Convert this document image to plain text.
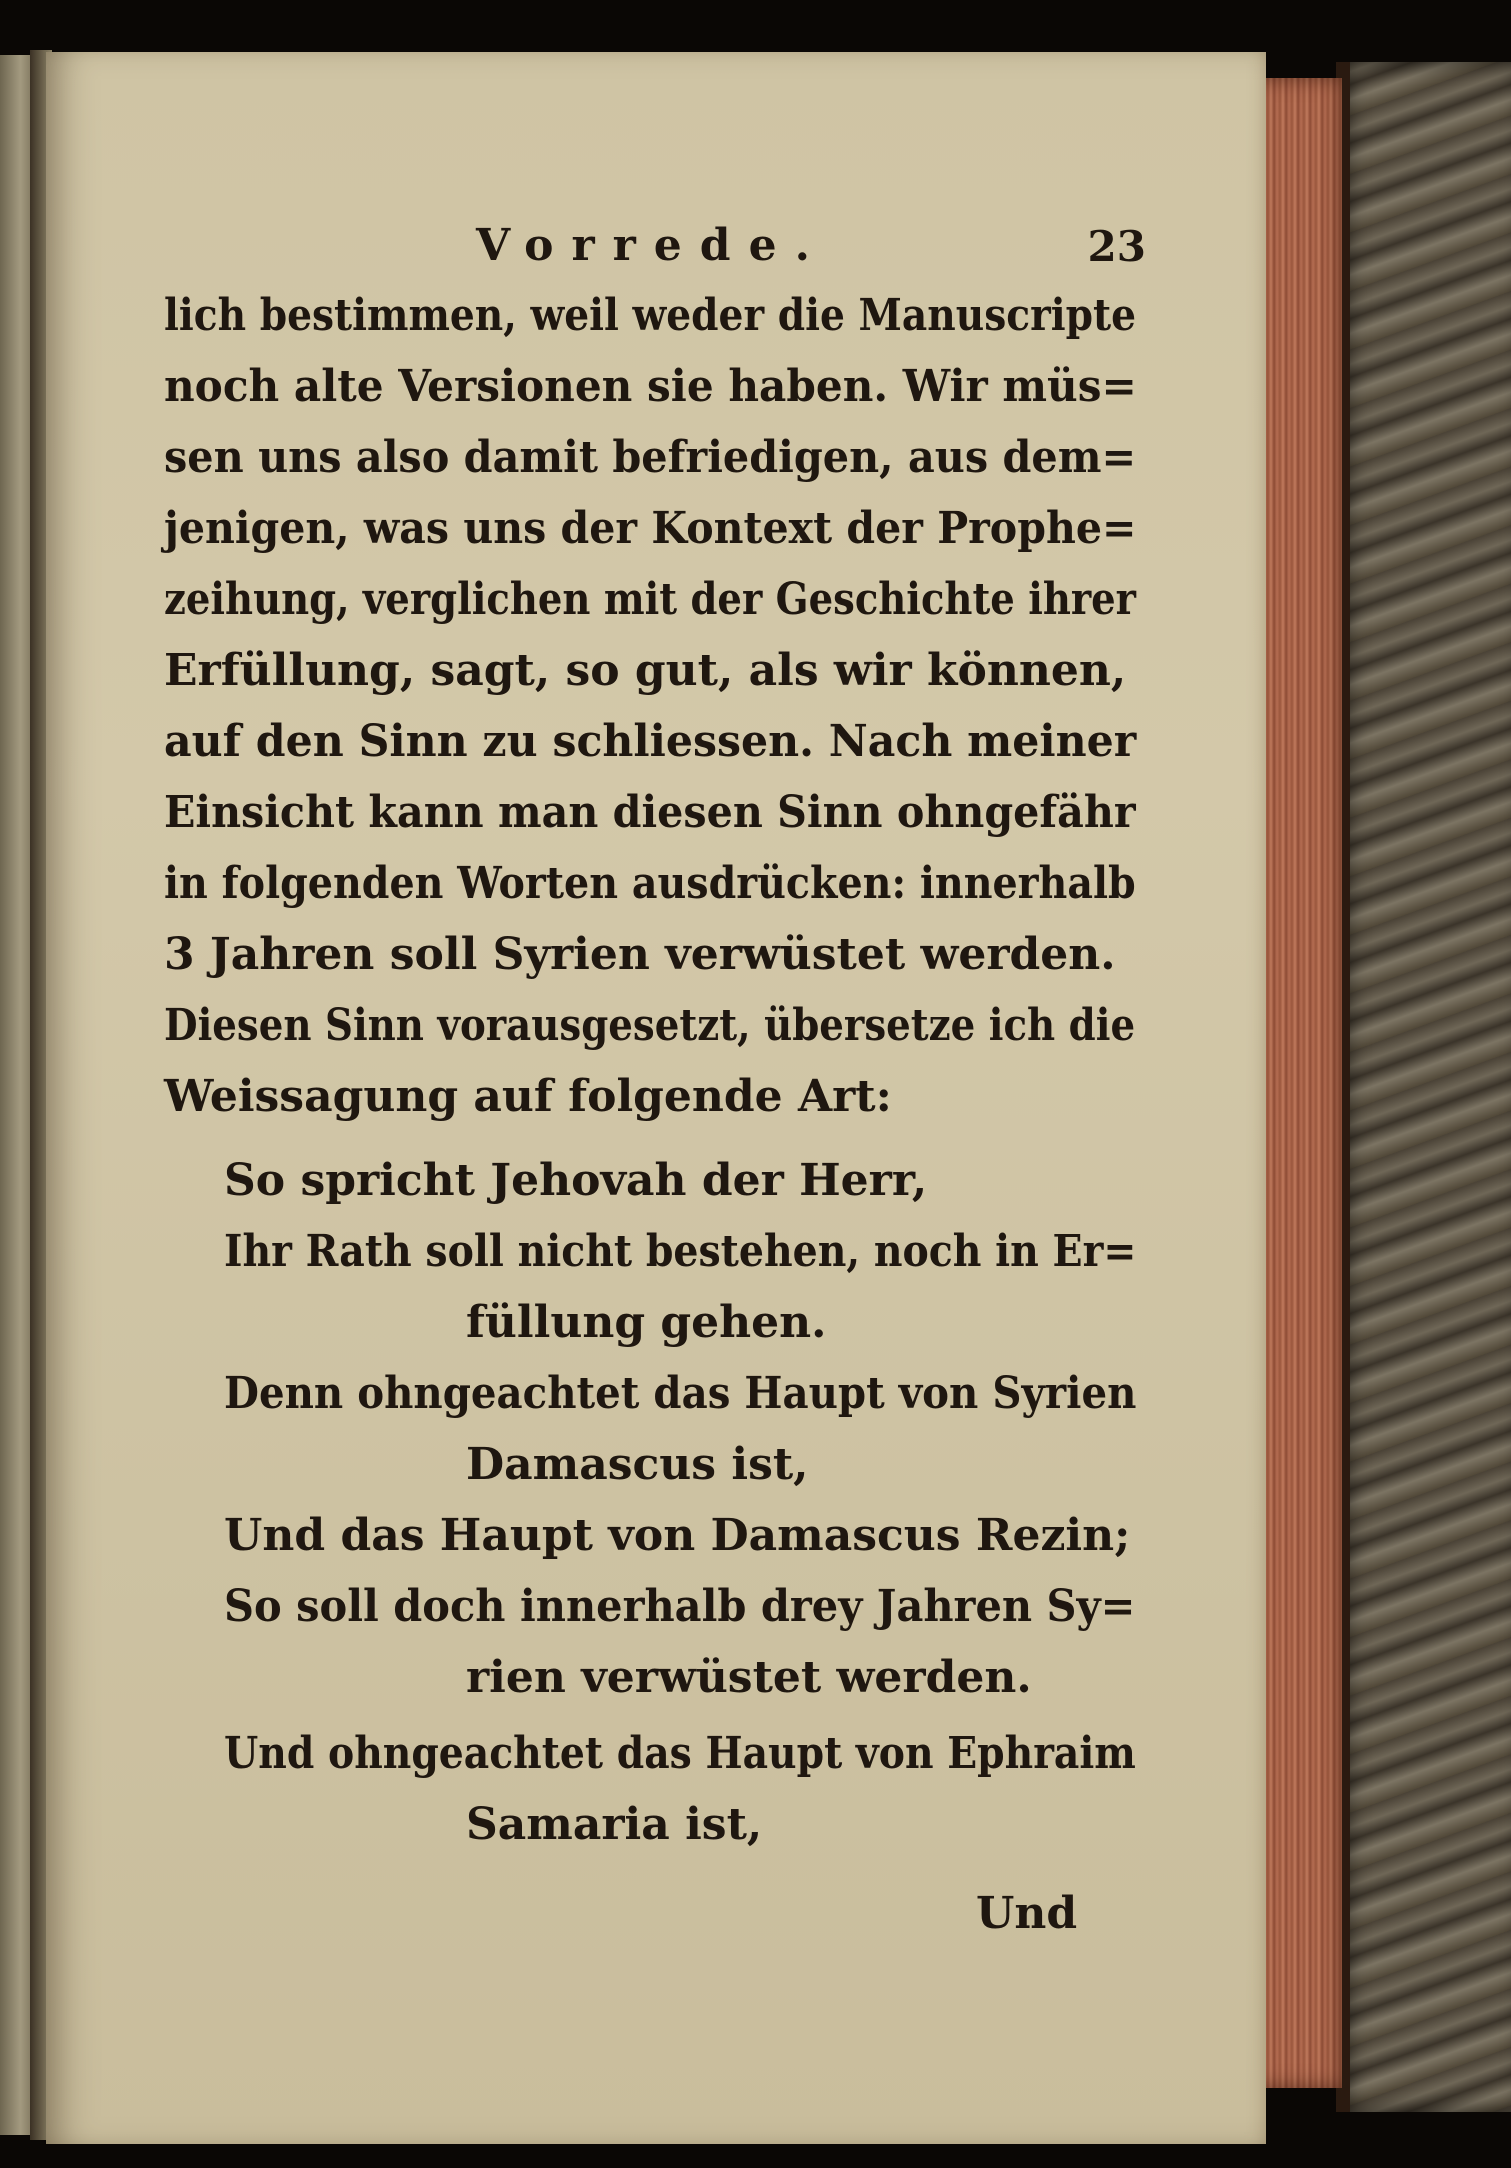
Vorrede.	23
lich bestimmen, weil weder die Manuscripte
noch alte Versionen sie haben. Wir müs=
sen uns also damit befriedigen, aus dem=
jenigen, was uns der Kontext der Prophe=
zeihung, verglichen mit der Geschichte ihrer
Erfüllung, sagt, so gut, als wir können,
auf den Sinn zu schliessen. Nach meiner
Einsicht kann man diesen Sinn ohngefähr
in folgenden Worten ausdrücken: innerhalb
3 Jahren soll Syrien verwüstet werden.
Diesen Sinn vorausgesetzt, übersetze ich die
Weissagung auf folgende Art:
So spricht Jehovah der Herr,
Ihr Rath soll nicht bestehen, noch in Er=
füllung gehen.
Denn ohngeachtet das Haupt von Syrien
Damascus ist,
Und das Haupt von Damascus Rezin;
So soll doch innerhalb drey Jahren Sy=
rien verwüstet werden.
Und ohngeachtet das Haupt von Ephraim
Samaria ist,
Und
